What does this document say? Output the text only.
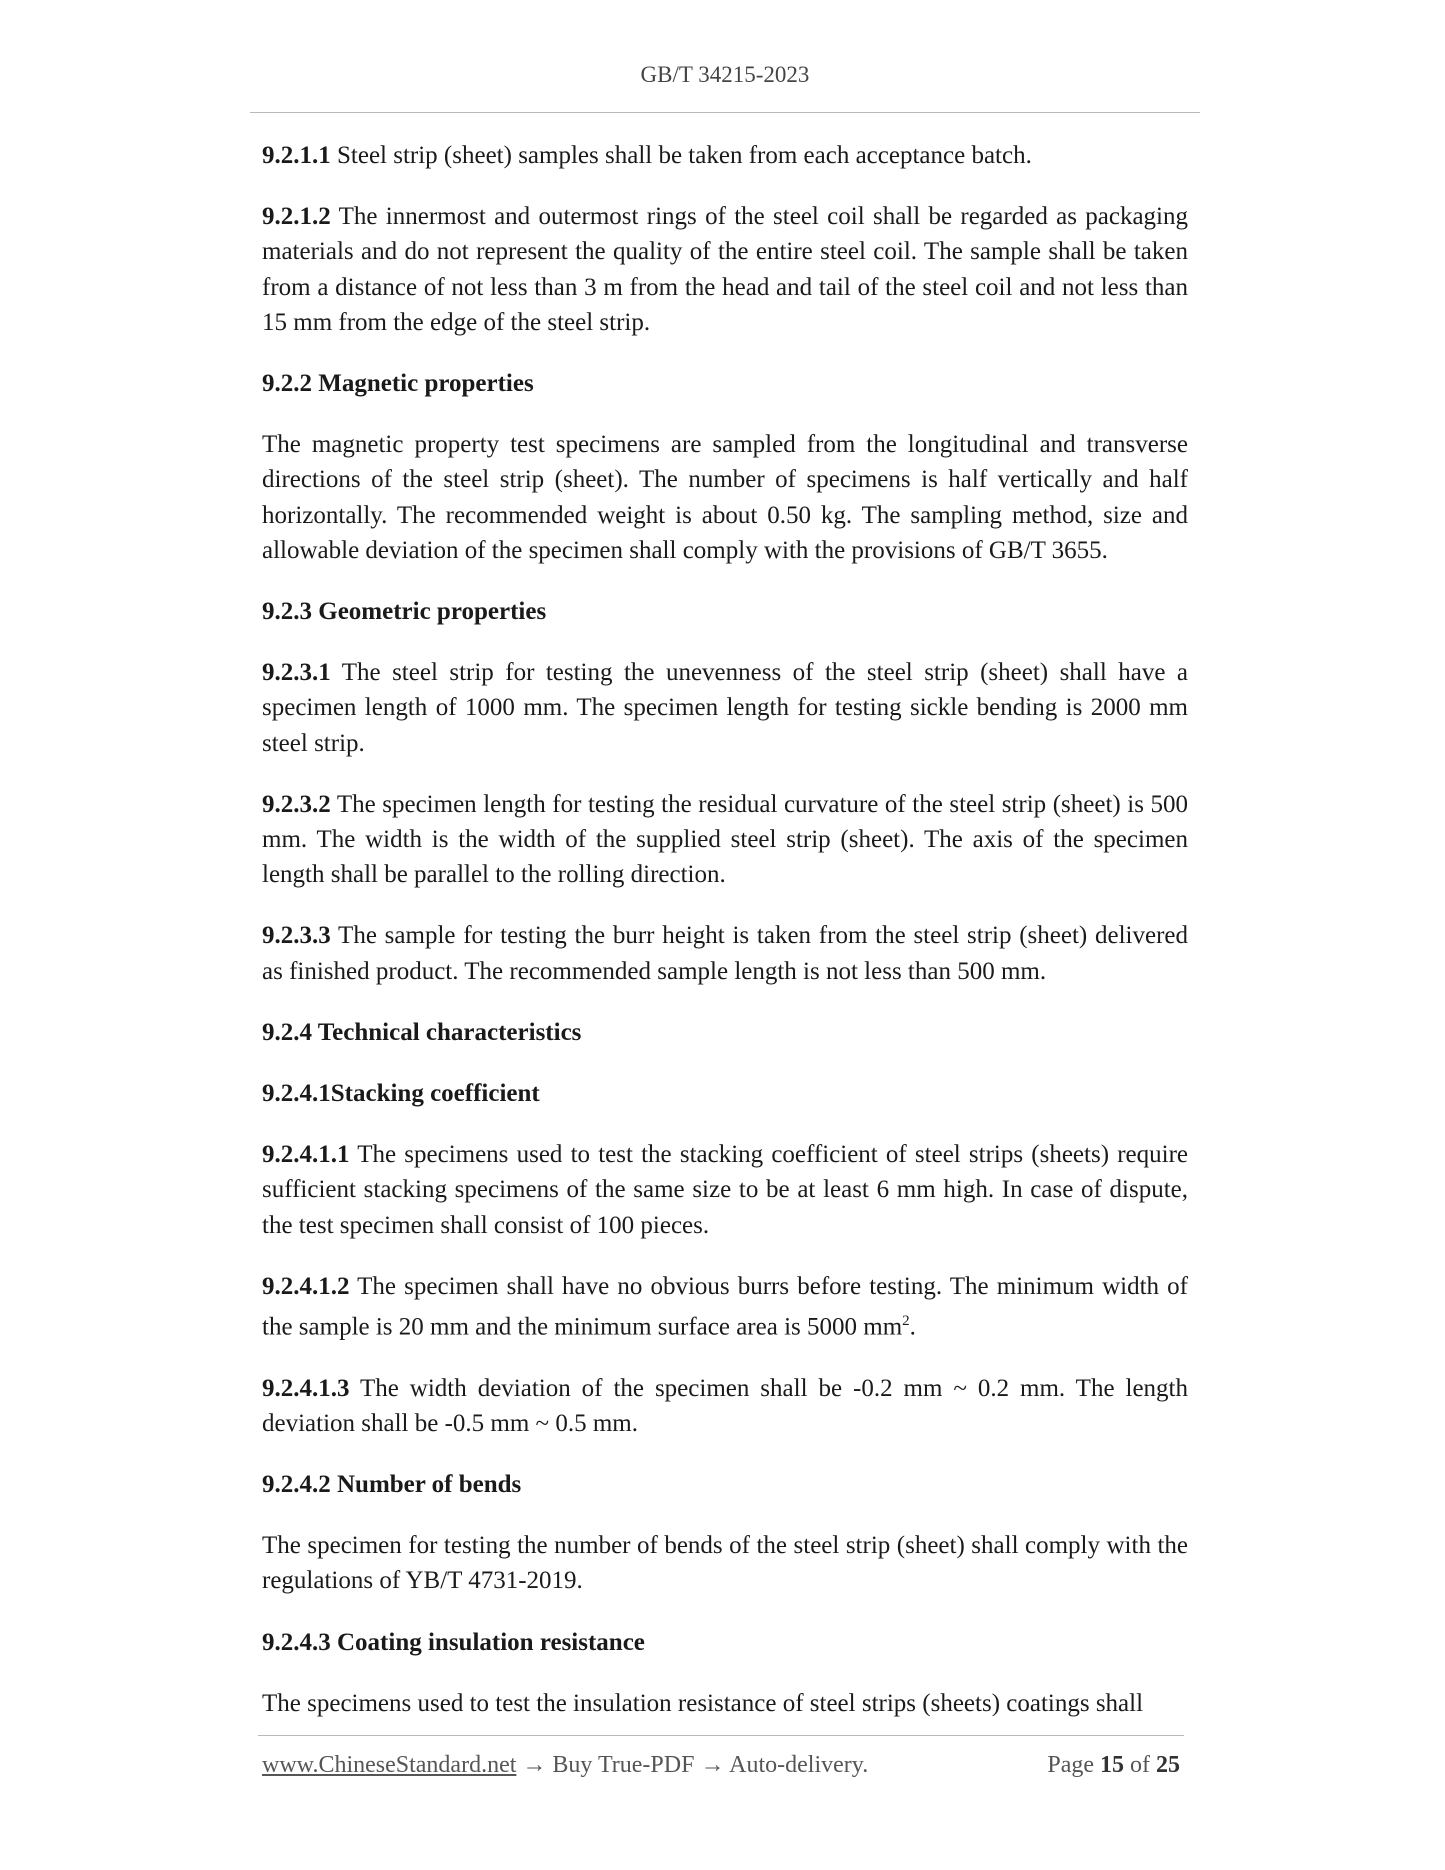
GB/T 34215-2023

9.2.1.1 Steel strip (sheet) samples shall be taken from each acceptance batch.

9.2.1.2 The innermost and outermost rings of the steel coil shall be regarded as packaging materials and do not represent the quality of the entire steel coil. The sample shall be taken from a distance of not less than 3 m from the head and tail of the steel coil and not less than 15 mm from the edge of the steel strip.

9.2.2 Magnetic properties

The magnetic property test specimens are sampled from the longitudinal and transverse directions of the steel strip (sheet). The number of specimens is half vertically and half horizontally. The recommended weight is about 0.50 kg. The sampling method, size and allowable deviation of the specimen shall comply with the provisions of GB/T 3655.

9.2.3 Geometric properties

9.2.3.1 The steel strip for testing the unevenness of the steel strip (sheet) shall have a specimen length of 1000 mm. The specimen length for testing sickle bending is 2000 mm steel strip.

9.2.3.2 The specimen length for testing the residual curvature of the steel strip (sheet) is 500 mm. The width is the width of the supplied steel strip (sheet). The axis of the specimen length shall be parallel to the rolling direction.

9.2.3.3 The sample for testing the burr height is taken from the steel strip (sheet) delivered as finished product. The recommended sample length is not less than 500 mm.

9.2.4 Technical characteristics

9.2.4.1Stacking coefficient

9.2.4.1.1 The specimens used to test the stacking coefficient of steel strips (sheets) require sufficient stacking specimens of the same size to be at least 6 mm high. In case of dispute, the test specimen shall consist of 100 pieces.

9.2.4.1.2 The specimen shall have no obvious burrs before testing. The minimum width of the sample is 20 mm and the minimum surface area is 5000 $mm^2$.

9.2.4.1.3 The width deviation of the specimen shall be -0.2 mm ~ 0.2 mm. The length deviation shall be -0.5 mm ~ 0.5 mm.

9.2.4.2 Number of bends

The specimen for testing the number of bends of the steel strip (sheet) shall comply with the regulations of YB/T 4731-2019.

9.2.4.3 Coating insulation resistance

The specimens used to test the insulation resistance of steel strips (sheets) coatings shall

www.ChineseStandard.net → Buy True-PDF → Auto-delivery.	Page 15 of 25
